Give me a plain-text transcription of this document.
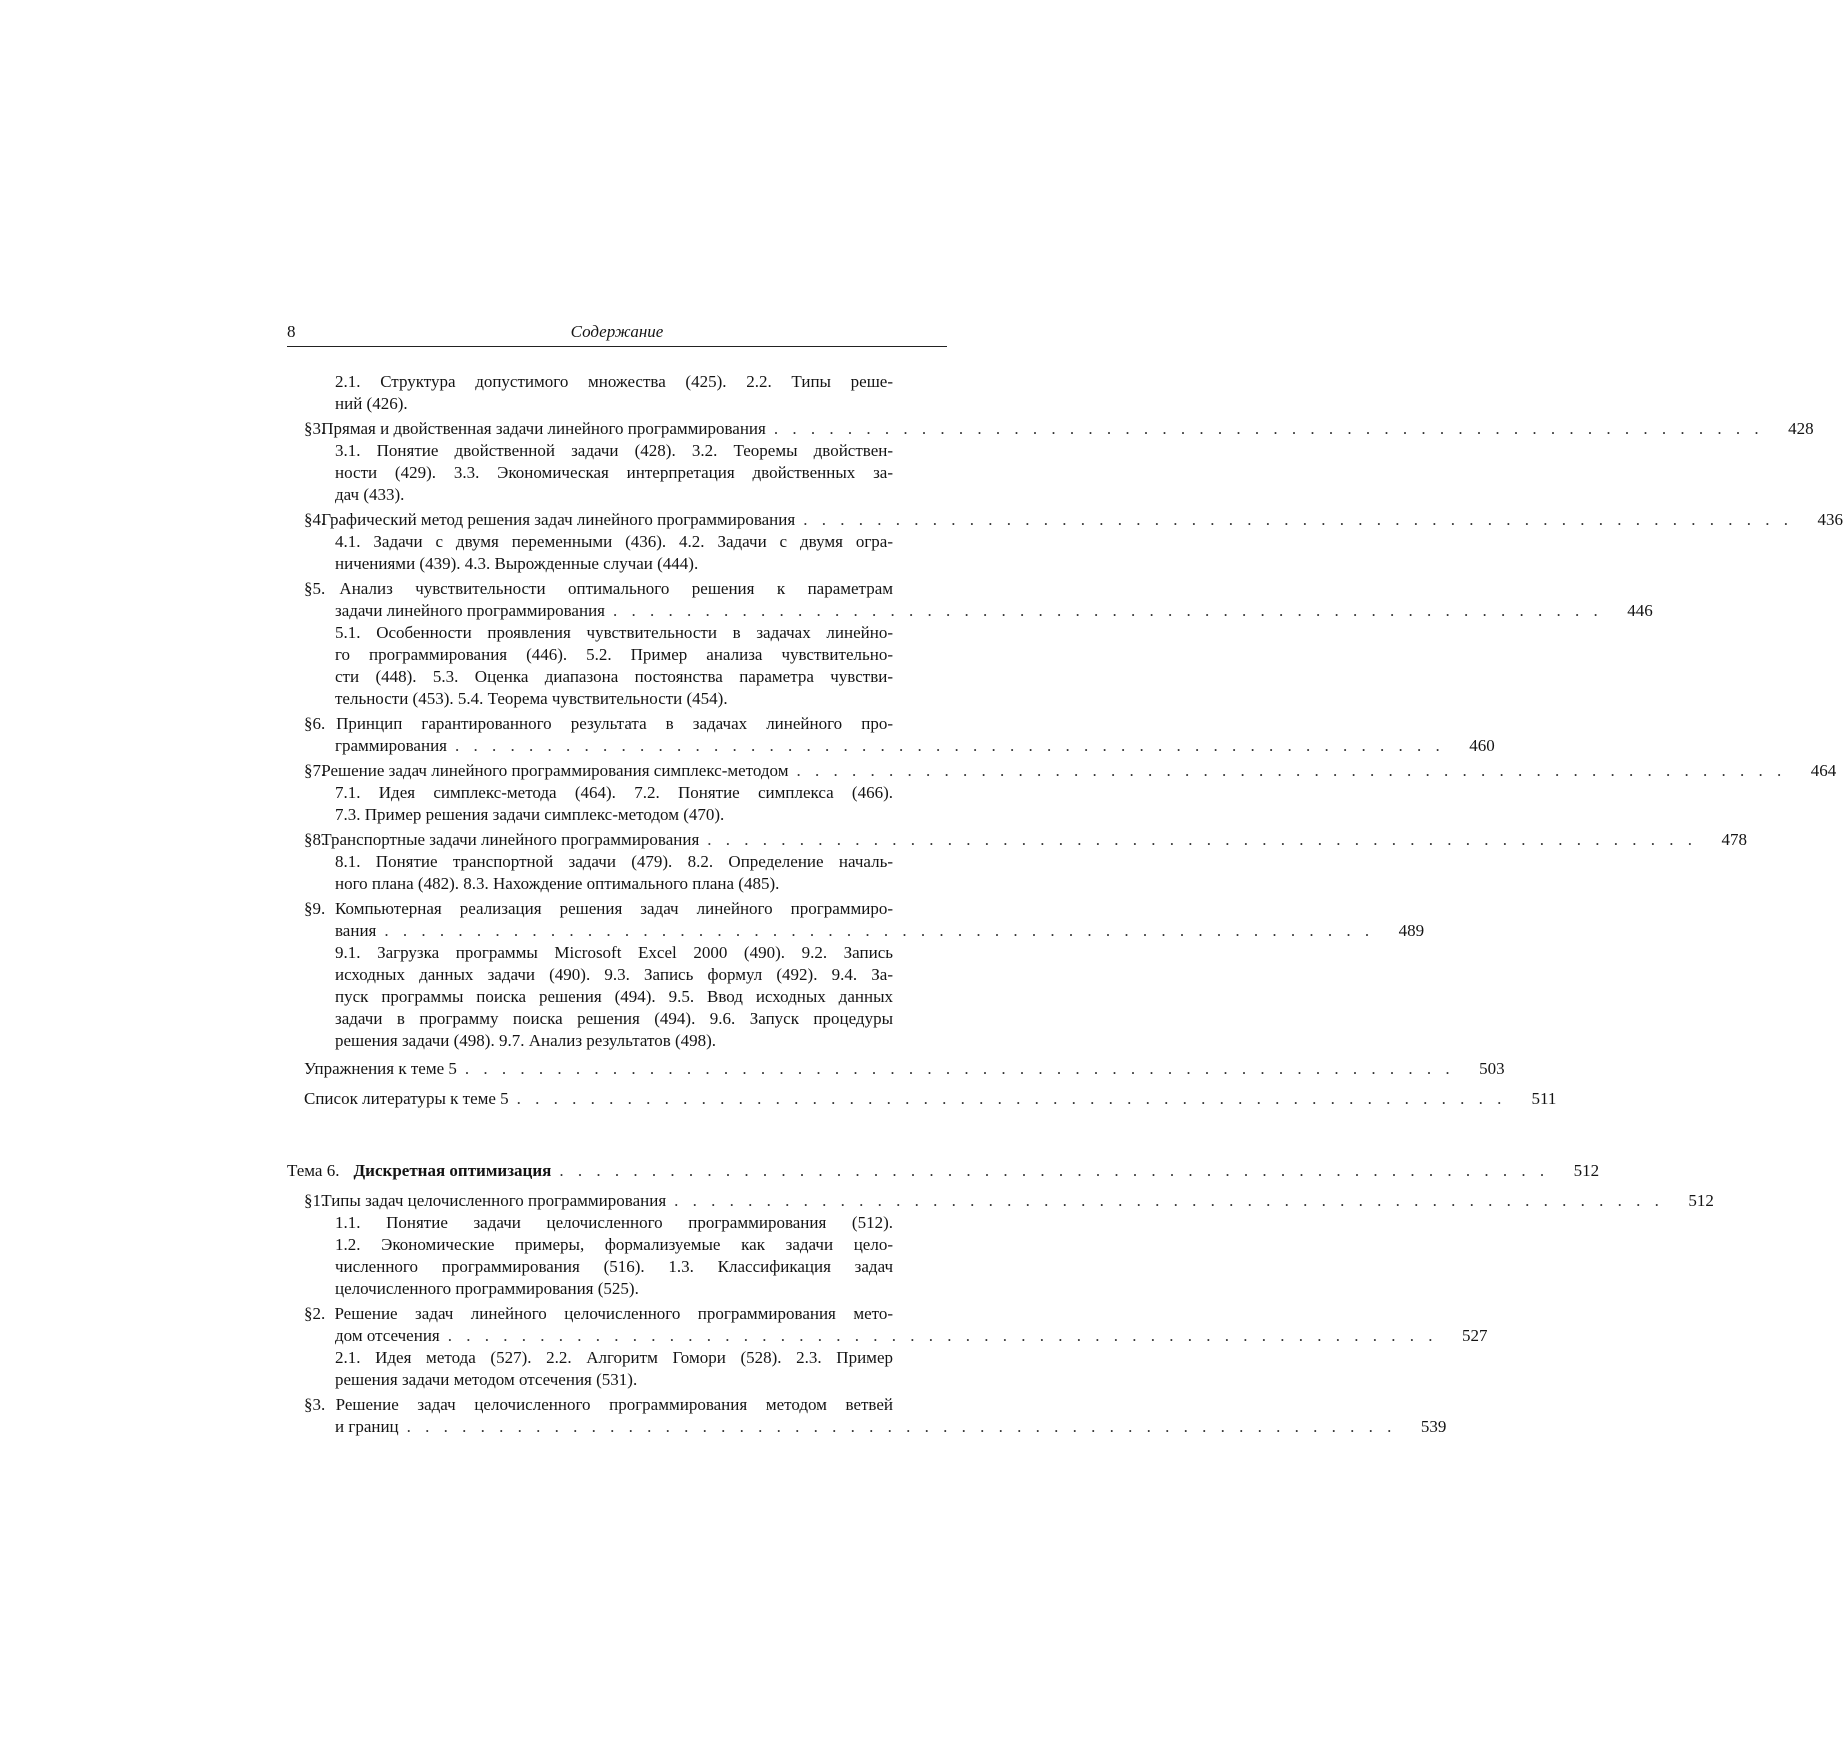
8	Содержание
2.1. Структура допустимого множества (425). 2.2. Типы реше-
ний (426).
§3. Прямая и двойственная задачи линейного программирования . . . . . . . . . . . . . . . . . . . . . . . . . . . . . . . . . . . . . . . . . . . . . . . . . . . . . .	428
3.1. Понятие двойственной задачи (428). 3.2. Теоремы двойствен-
ности (429). 3.3. Экономическая интерпретация двойственных за-
дач (433).
§4. Графический метод решения задач линейного программирования . . . . . . . . . . . . . . . . . . . . . . . . . . . . . . . . . . . . . . . . . . . . . . . . . . . . . .	436
4.1. Задачи с двумя переменными (436). 4.2. Задачи с двумя огра-
ничениями (439). 4.3. Вырожденные случаи (444).
§5. Анализ чувствительности оптимального решения к параметрам
задачи линейного программирования . . . . . . . . . . . . . . . . . . . . . . . . . . . . . . . . . . . . . . . . . . . . . . . . . . . . . .	446
5.1. Особенности проявления чувствительности в задачах линейно-
го программирования (446). 5.2. Пример анализа чувствительно-
сти (448). 5.3. Оценка диапазона постоянства параметра чувстви-
тельности (453). 5.4. Теорема чувствительности (454).
§6. Принцип гарантированного результата в задачах линейного про-
граммирования . . . . . . . . . . . . . . . . . . . . . . . . . . . . . . . . . . . . . . . . . . . . . . . . . . . . . .	460
§7. Решение задач линейного программирования симплекс-методом . . . . . . . . . . . . . . . . . . . . . . . . . . . . . . . . . . . . . . . . . . . . . . . . . . . . . .	464
7.1. Идея симплекс-метода (464). 7.2. Понятие симплекса (466).
7.3. Пример решения задачи симплекс-методом (470).
§8. Транспортные задачи линейного программирования . . . . . . . . . . . . . . . . . . . . . . . . . . . . . . . . . . . . . . . . . . . . . . . . . . . . . .	478
8.1. Понятие транспортной задачи (479). 8.2. Определение началь-
ного плана (482). 8.3. Нахождение оптимального плана (485).
§9. Компьютерная реализация решения задач линейного программиро-
вания . . . . . . . . . . . . . . . . . . . . . . . . . . . . . . . . . . . . . . . . . . . . . . . . . . . . . .	489
9.1. Загрузка программы Microsoft Excel 2000 (490). 9.2. Запись
исходных данных задачи (490). 9.3. Запись формул (492). 9.4. За-
пуск программы поиска решения (494). 9.5. Ввод исходных данных
задачи в программу поиска решения (494). 9.6. Запуск процедуры
решения задачи (498). 9.7. Анализ результатов (498).
Упражнения к теме 5 . . . . . . . . . . . . . . . . . . . . . . . . . . . . . . . . . . . . . . . . . . . . . . . . . . . . . .	503
Список литературы к теме 5 . . . . . . . . . . . . . . . . . . . . . . . . . . . . . . . . . . . . . . . . . . . . . . . . . . . . . .	511
Тема 6. Дискретная оптимизация . . . . . . . . . . . . . . . . . . . . . . . . . . . . . . . . . . . . . . . . . . . . . . . . . . . . . .	512
§1. Типы задач целочисленного программирования . . . . . . . . . . . . . . . . . . . . . . . . . . . . . . . . . . . . . . . . . . . . . . . . . . . . . .	512
1.1. Понятие задачи целочисленного программирования (512).
1.2. Экономические примеры, формализуемые как задачи цело-
численного программирования (516). 1.3. Классификация задач
целочисленного программирования (525).
§2. Решение задач линейного целочисленного программирования мето-
дом отсечения . . . . . . . . . . . . . . . . . . . . . . . . . . . . . . . . . . . . . . . . . . . . . . . . . . . . . .	527
2.1. Идея метода (527). 2.2. Алгоритм Гомори (528). 2.3. Пример
решения задачи методом отсечения (531).
§3. Решение задач целочисленного программирования методом ветвей
и границ . . . . . . . . . . . . . . . . . . . . . . . . . . . . . . . . . . . . . . . . . . . . . . . . . . . . . .	539
